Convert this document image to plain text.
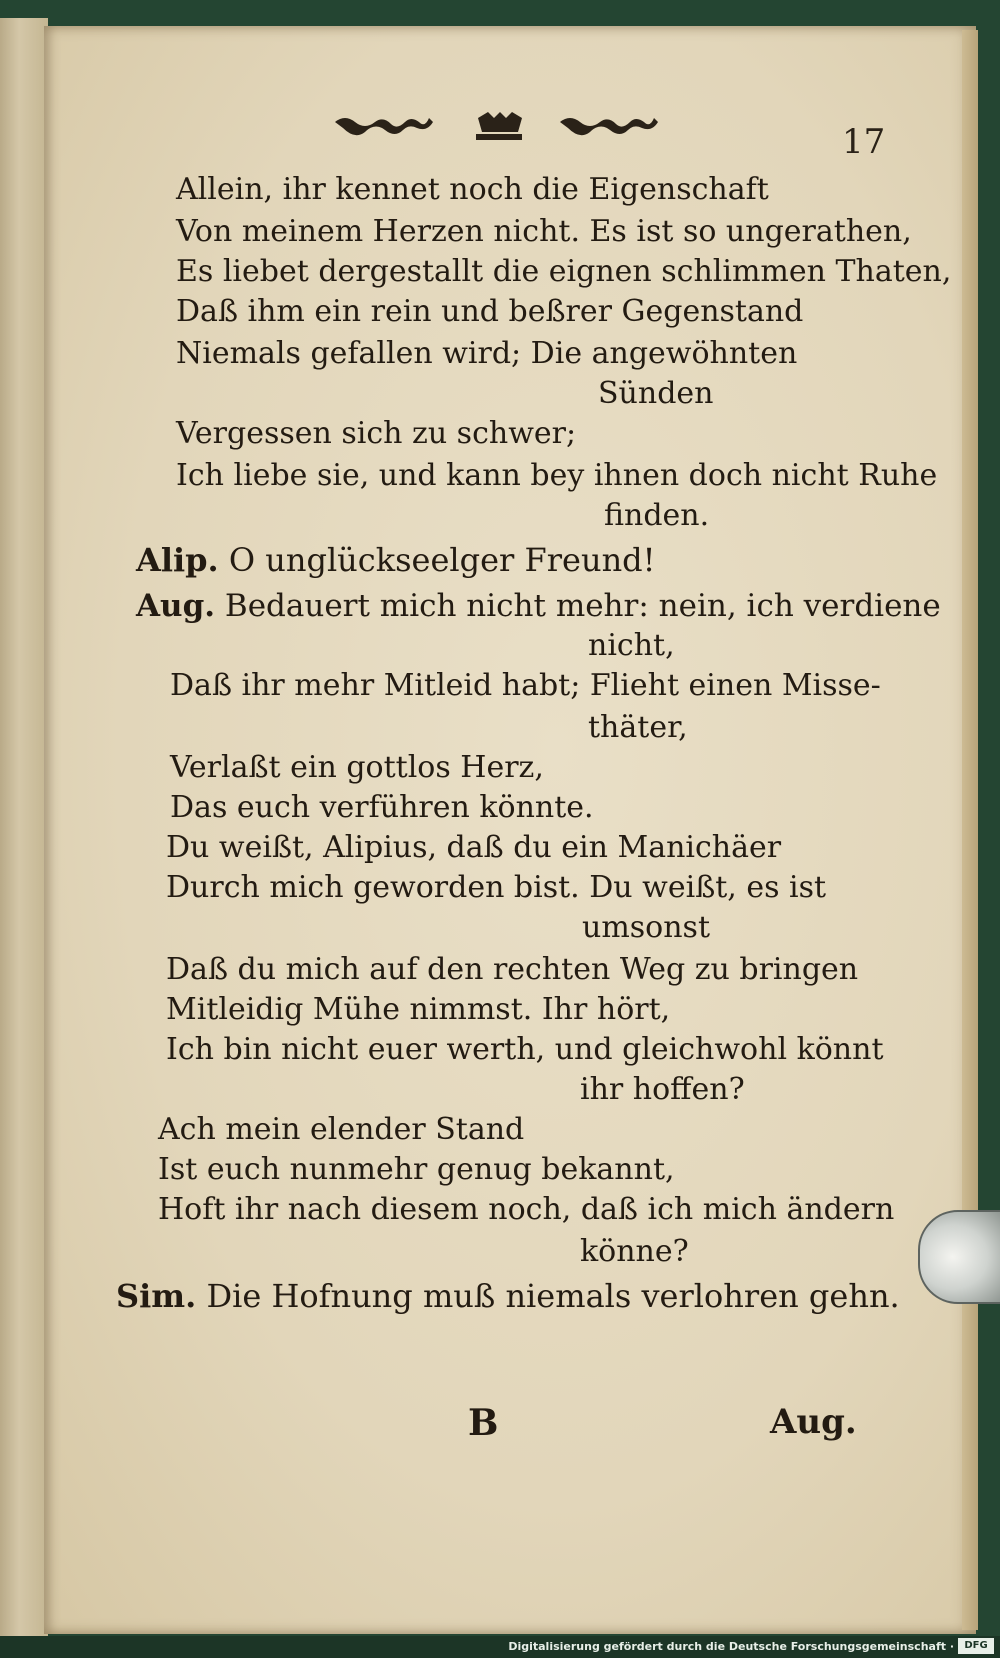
17
Allein, ihr kennet noch die Eigenschaft
Von meinem Herzen nicht. Es ist so ungerathen,
Es liebet dergestallt die eignen schlimmen Thaten,
Daß ihm ein rein und beßrer Gegenstand
Niemals gefallen wird; Die angewöhnten
Sünden
Vergessen sich zu schwer;
Ich liebe sie, und kann bey ihnen doch nicht Ruhe
finden.
Alip. O unglückseelger Freund!
Aug. Bedauert mich nicht mehr: nein, ich verdiene
nicht,
Daß ihr mehr Mitleid habt; Flieht einen Misse-
thäter,
Verlaßt ein gottlos Herz,
Das euch verführen könnte.
Du weißt, Alipius, daß du ein Manichäer
Durch mich geworden bist. Du weißt, es ist
umsonst
Daß du mich auf den rechten Weg zu bringen
Mitleidig Mühe nimmst. Ihr hört,
Ich bin nicht euer werth, und gleichwohl könnt
ihr hoffen?
Ach mein elender Stand
Ist euch nunmehr genug bekannt,
Hoft ihr nach diesem noch, daß ich mich ändern
könne?
Sim. Die Hofnung muß niemals verlohren gehn.
B	Aug.
Digitalisierung gefördert durch die Deutsche Forschungsgemeinschaft ·	DFG
